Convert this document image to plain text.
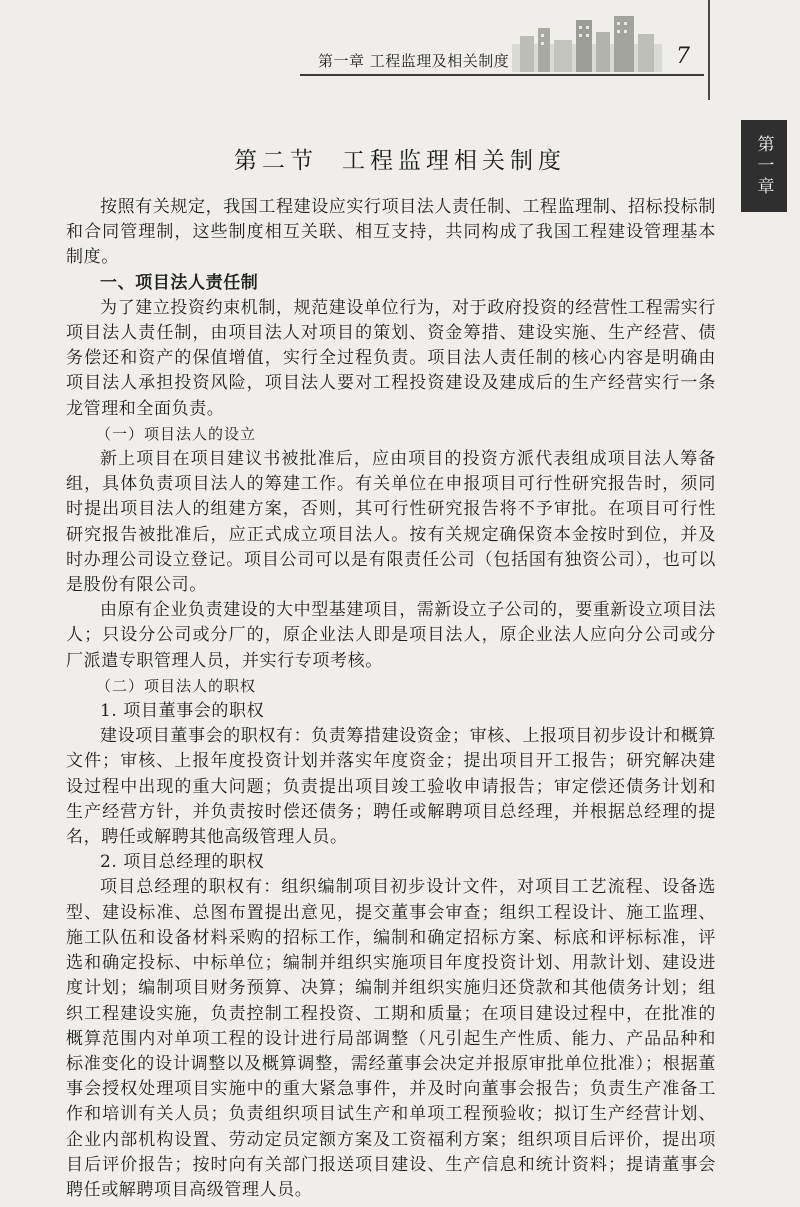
第一章 工程监理及相关制度	7
第一章
第二节 工程监理相关制度

按照有关规定，我国工程建设应实行项目法人责任制、工程监理制、招标投标制和合同管理制，这些制度相互关联、相互支持，共同构成了我国工程建设管理基本制度。

一、项目法人责任制

为了建立投资约束机制，规范建设单位行为，对于政府投资的经营性工程需实行项目法人责任制，由项目法人对项目的策划、资金筹措、建设实施、生产经营、债务偿还和资产的保值增值，实行全过程负责。项目法人责任制的核心内容是明确由项目法人承担投资风险，项目法人要对工程投资建设及建成后的生产经营实行一条龙管理和全面负责。

（一）项目法人的设立

新上项目在项目建议书被批准后，应由项目的投资方派代表组成项目法人筹备组，具体负责项目法人的筹建工作。有关单位在申报项目可行性研究报告时，须同时提出项目法人的组建方案，否则，其可行性研究报告将不予审批。在项目可行性研究报告被批准后，应正式成立项目法人。按有关规定确保资本金按时到位，并及时办理公司设立登记。项目公司可以是有限责任公司（包括国有独资公司），也可以是股份有限公司。

由原有企业负责建设的大中型基建项目，需新设立子公司的，要重新设立项目法人；只设分公司或分厂的，原企业法人即是项目法人，原企业法人应向分公司或分厂派遣专职管理人员，并实行专项考核。

（二）项目法人的职权

1. 项目董事会的职权

建设项目董事会的职权有：负责筹措建设资金；审核、上报项目初步设计和概算文件；审核、上报年度投资计划并落实年度资金；提出项目开工报告；研究解决建设过程中出现的重大问题；负责提出项目竣工验收申请报告；审定偿还债务计划和生产经营方针，并负责按时偿还债务；聘任或解聘项目总经理，并根据总经理的提名，聘任或解聘其他高级管理人员。

2. 项目总经理的职权

项目总经理的职权有：组织编制项目初步设计文件，对项目工艺流程、设备选型、建设标准、总图布置提出意见，提交董事会审查；组织工程设计、施工监理、施工队伍和设备材料采购的招标工作，编制和确定招标方案、标底和评标标准，评选和确定投标、中标单位；编制并组织实施项目年度投资计划、用款计划、建设进度计划；编制项目财务预算、决算；编制并组织实施归还贷款和其他债务计划；组织工程建设实施，负责控制工程投资、工期和质量；在项目建设过程中，在批准的概算范围内对单项工程的设计进行局部调整（凡引起生产性质、能力、产品品种和标准变化的设计调整以及概算调整，需经董事会决定并报原审批单位批准）；根据董事会授权处理项目实施中的重大紧急事件，并及时向董事会报告；负责生产准备工作和培训有关人员；负责组织项目试生产和单项工程预验收；拟订生产经营计划、企业内部机构设置、劳动定员定额方案及工资福利方案；组织项目后评价，提出项目后评价报告；按时向有关部门报送项目建设、生产信息和统计资料；提请董事会聘任或解聘项目高级管理人员。
